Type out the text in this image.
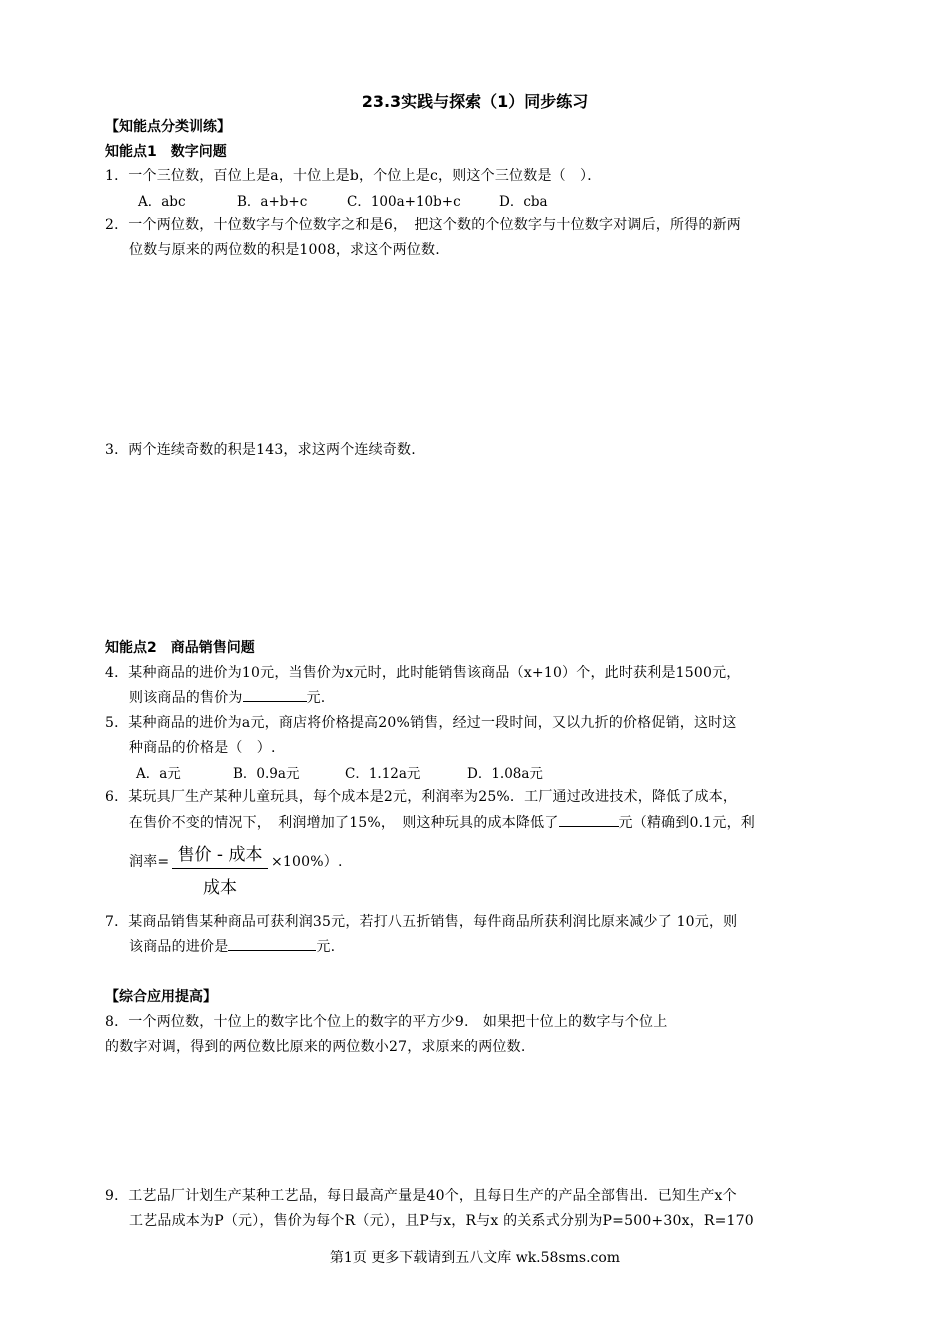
23.3实践与探索（1）同步练习
【知能点分类训练】
知能点1　数字问题
1．一个三位数，百位上是a，十位上是b，个位上是c，则这个三位数是（　）．
A．abc	B．a+b+c	C．100a+10b+c	D．cba
2．一个两位数，十位数字与个位数字之和是6，　把这个数的个位数字与十位数字对调后，所得的新两
位数与原来的两位数的积是1008，求这个两位数.
3．两个连续奇数的积是143，求这两个连续奇数.
知能点2　商品销售问题
4．某种商品的进价为10元，当售价为x元时，此时能销售该商品（x+10）个，此时获利是1500元，
则该商品的售价为	元.
5．某种商品的进价为a元，商店将价格提高20%销售，经过一段时间，又以九折的价格促销，这时这
种商品的价格是（　）.
A．a元	B．0.9a元	C．1.12a元	D．1.08a元
6．某玩具厂生产某种儿童玩具，每个成本是2元，利润率为25%．工厂通过改进技术，降低了成本，
在售价不变的情况下，　利润增加了15%，　则这种玩具的成本降低了	元（精确到0.1元，利
润率= 售价 - 成本
成本
×100%）.
7．某商品销售某种商品可获利润35元，若打八五折销售，每件商品所获利润比原来减少了 10元，则
该商品的进价是	元.
【综合应用提高】
8．一个两位数，十位上的数字比个位上的数字的平方少9.　如果把十位上的数字与个位上
的数字对调，得到的两位数比原来的两位数小27，求原来的两位数.
9．工艺品厂计划生产某种工艺品，每日最高产量是40个，且每日生产的产品全部售出．已知生产x个
工艺品成本为P（元），售价为每个R（元），且P与x，R与x 的关系式分别为P=500+30x，R=170
第1页 更多下载请到五八文库 wk.58sms.com
